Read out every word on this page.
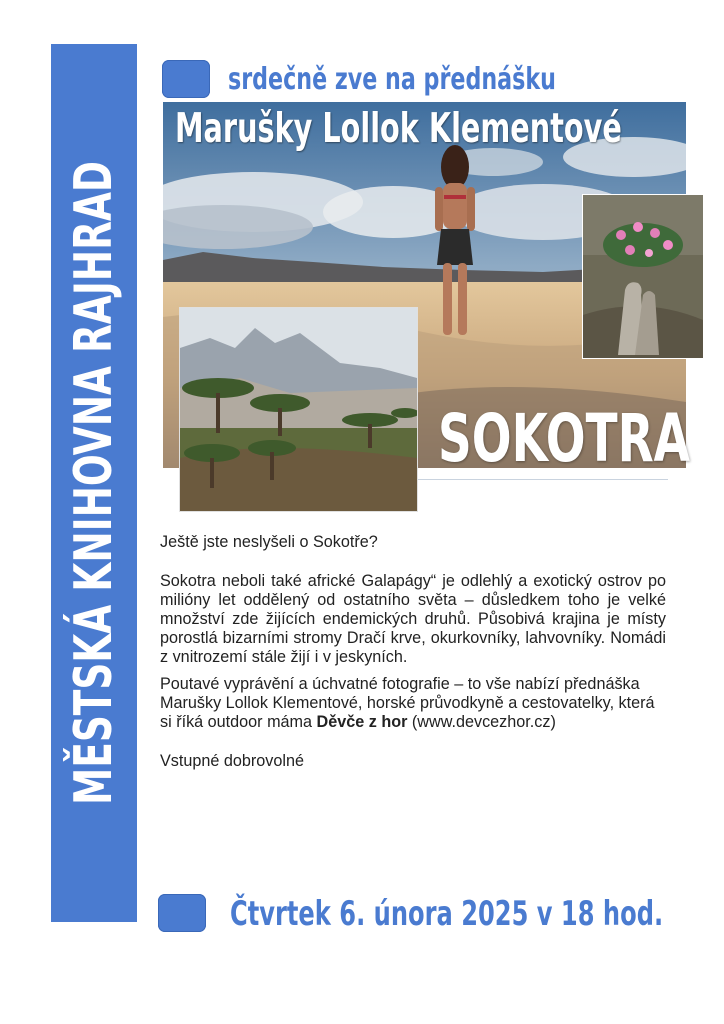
MĚSTSKÁ KNIHOVNA RAJHRAD
srdečně zve na přednášku
Marušky Lollok Klementové
SOKOTRA

Ještě jste neslyšeli o Sokotře?

Sokotra neboli také africké Galapágy“ je odlehlý a exotický ostrov po milióny let oddělený od ostatního světa – důsledkem toho je velké množství zde žijících endemických druhů. Působivá krajina je místy porostlá bizarními stromy Dračí krve, okurkovníky, lahvovníky. Nomádi z vnitrozemí stále žijí i v jeskyních.

Poutavé vyprávění a úchvatné fotografie – to vše nabízí přednáška Marušky Lollok Klementové, horské průvodkyně a cestovatelky, která si říká outdoor máma Děvče z hor (www.devcezhor.cz)

Vstupné dobrovolné

Čtvrtek 6. února 2025 v 18 hod.
